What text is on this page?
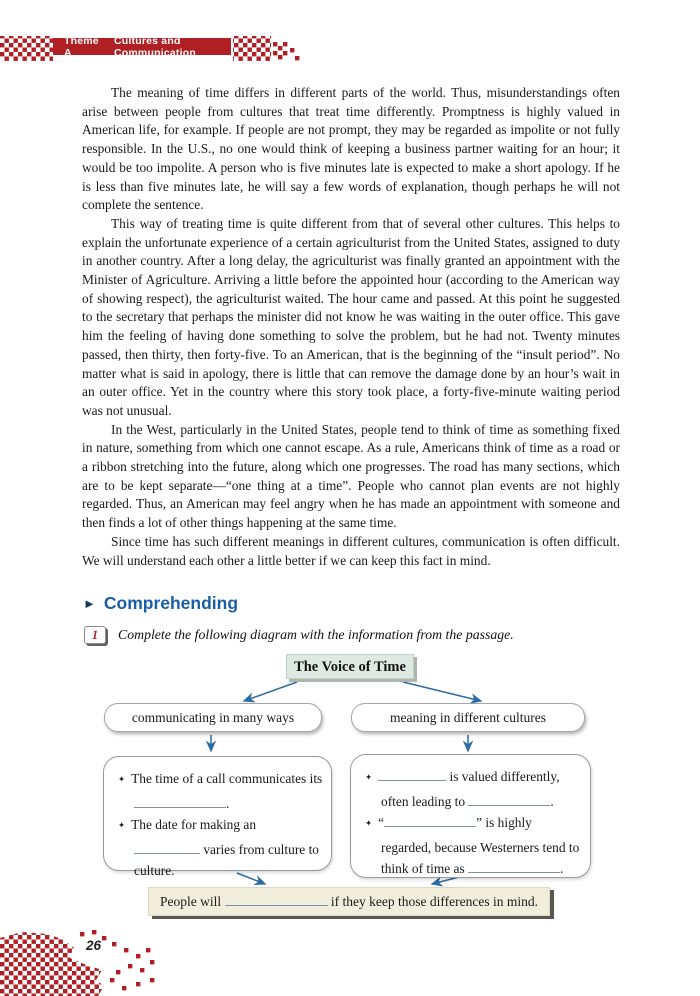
Theme A
Cultures and Communication

The meaning of time differs in different parts of the world. Thus, misunderstandings often arise between people from cultures that treat time differently. Promptness is highly valued in American life, for example. If people are not prompt, they may be regarded as impolite or not fully responsible. In the U.S., no one would think of keeping a business partner waiting for an hour; it would be too impolite. A person who is five minutes late is expected to make a short apology. If he is less than five minutes late, he will say a few words of explanation, though perhaps he will not complete the sentence.

This way of treating time is quite different from that of several other cultures. This helps to explain the unfortunate experience of a certain agriculturist from the United States, assigned to duty in another country. After a long delay, the agriculturist was finally granted an appointment with the Minister of Agriculture. Arriving a little before the appointed hour (according to the American way of showing respect), the agriculturist waited. The hour came and passed. At this point he suggested to the secretary that perhaps the minister did not know he was waiting in the outer office. This gave him the feeling of having done something to solve the problem, but he had not. Twenty minutes passed, then thirty, then forty-five. To an American, that is the beginning of the “insult period”. No matter what is said in apology, there is little that can remove the damage done by an hour’s wait in an outer office. Yet in the country where this story took place, a forty-five-minute waiting period was not unusual.

In the West, particularly in the United States, people tend to think of time as something fixed in nature, something from which one cannot escape. As a rule, Americans think of time as a road or a ribbon stretching into the future, along which one progresses. The road has many sections, which are to be kept separate—“one thing at a time”. People who cannot plan events are not highly regarded. Thus, an American may feel angry when he has made an appointment with someone and then finds a lot of other things happening at the same time.

Since time has such different meanings in different cultures, communication is often difficult. We will understand each other a little better if we can keep this fact in mind.

► Comprehending
1 Complete the following diagram with the information from the passage.
The Voice of Time
communicating in many ways	meaning in different cultures
✦ The time of a call communicates its .
✦ The date for making an  varies from culture to culture.
✦	is valued differently, often leading to	.
✦ “	” is highly regarded, because Westerners tend to think of time as	.
People will	if they keep those differences in mind.
26
